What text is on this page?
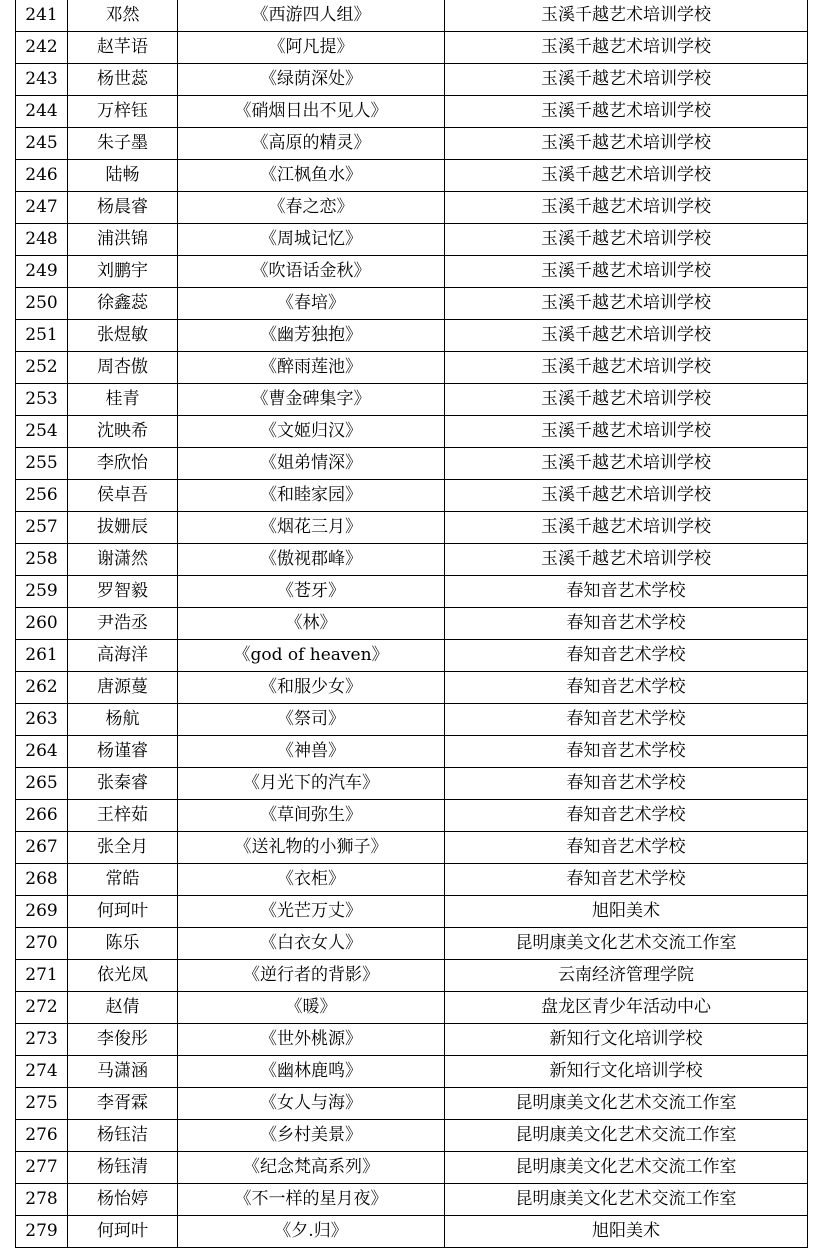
241	邓然	《西游四人组》	玉溪千越艺术培训学校
242	赵芊语	《阿凡提》	玉溪千越艺术培训学校
243	杨世蕊	《绿荫深处》	玉溪千越艺术培训学校
244	万梓钰	《硝烟日出不见人》	玉溪千越艺术培训学校
245	朱子墨	《高原的精灵》	玉溪千越艺术培训学校
246	陆畅	《江枫鱼水》	玉溪千越艺术培训学校
247	杨晨睿	《春之恋》	玉溪千越艺术培训学校
248	浦洪锦	《周城记忆》	玉溪千越艺术培训学校
249	刘鹏宇	《吹语话金秋》	玉溪千越艺术培训学校
250	徐鑫蕊	《春培》	玉溪千越艺术培训学校
251	张煜敏	《幽芳独抱》	玉溪千越艺术培训学校
252	周杏傲	《醉雨莲池》	玉溪千越艺术培训学校
253	桂青	《曹金碑集字》	玉溪千越艺术培训学校
254	沈映希	《文姬归汉》	玉溪千越艺术培训学校
255	李欣怡	《姐弟情深》	玉溪千越艺术培训学校
256	侯卓吾	《和睦家园》	玉溪千越艺术培训学校
257	拔姗辰	《烟花三月》	玉溪千越艺术培训学校
258	谢潇然	《傲视郡峰》	玉溪千越艺术培训学校
259	罗智毅	《苍牙》	春知音艺术学校
260	尹浩丞	《林》	春知音艺术学校
261	高海洋	《god of heaven》	春知音艺术学校
262	唐源蔓	《和服少女》	春知音艺术学校
263	杨航	《祭司》	春知音艺术学校
264	杨谨睿	《神兽》	春知音艺术学校
265	张秦睿	《月光下的汽车》	春知音艺术学校
266	王梓茹	《草间弥生》	春知音艺术学校
267	张全月	《送礼物的小狮子》	春知音艺术学校
268	常皓	《衣柜》	春知音艺术学校
269	何珂叶	《光芒万丈》	旭阳美术
270	陈乐	《白衣女人》	昆明康美文化艺术交流工作室
271	依光凤	《逆行者的背影》	云南经济管理学院
272	赵倩	《暖》	盘龙区青少年活动中心
273	李俊彤	《世外桃源》	新知行文化培训学校
274	马潇涵	《幽林鹿鸣》	新知行文化培训学校
275	李胥霖	《女人与海》	昆明康美文化艺术交流工作室
276	杨钰洁	《乡村美景》	昆明康美文化艺术交流工作室
277	杨钰清	《纪念梵高系列》	昆明康美文化艺术交流工作室
278	杨怡婷	《不一样的星月夜》	昆明康美文化艺术交流工作室
279	何珂叶	《夕.归》	旭阳美术
